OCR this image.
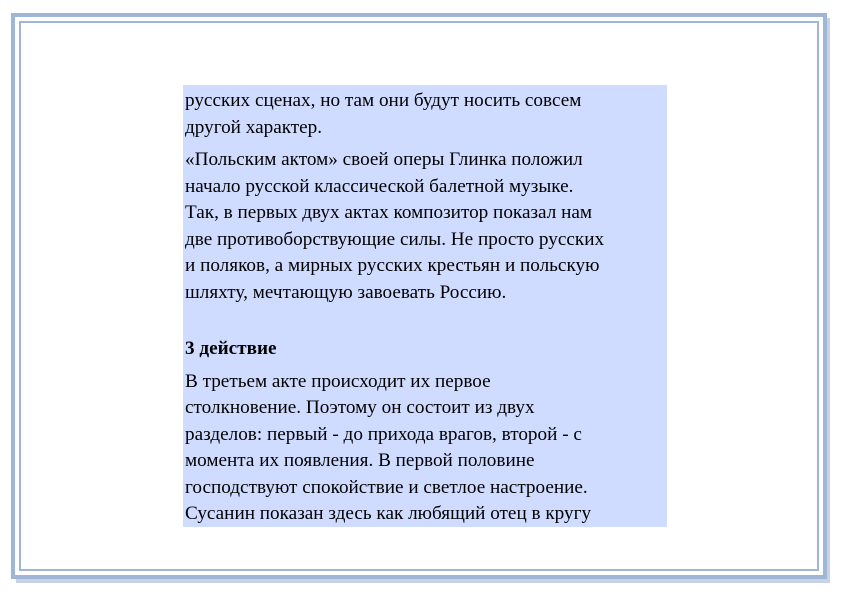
русских сценах, но там они будут носить совсем
другой характер.

«Польским актом» своей оперы Глинка положил
начало русской классической балетной музыке.
Так, в первых двух актах композитор показал нам
две противоборствующие силы. Не просто русских
и поляков, а мирных русских крестьян и польскую
шляхту, мечтающую завоевать Россию.

3 действие

В третьем акте происходит их первое
столкновение. Поэтому он состоит из двух
разделов: первый - до прихода врагов, второй - с
момента их появления. В первой половине
господствуют спокойствие и светлое настроение.
Сусанин показан здесь как любящий отец в кругу
